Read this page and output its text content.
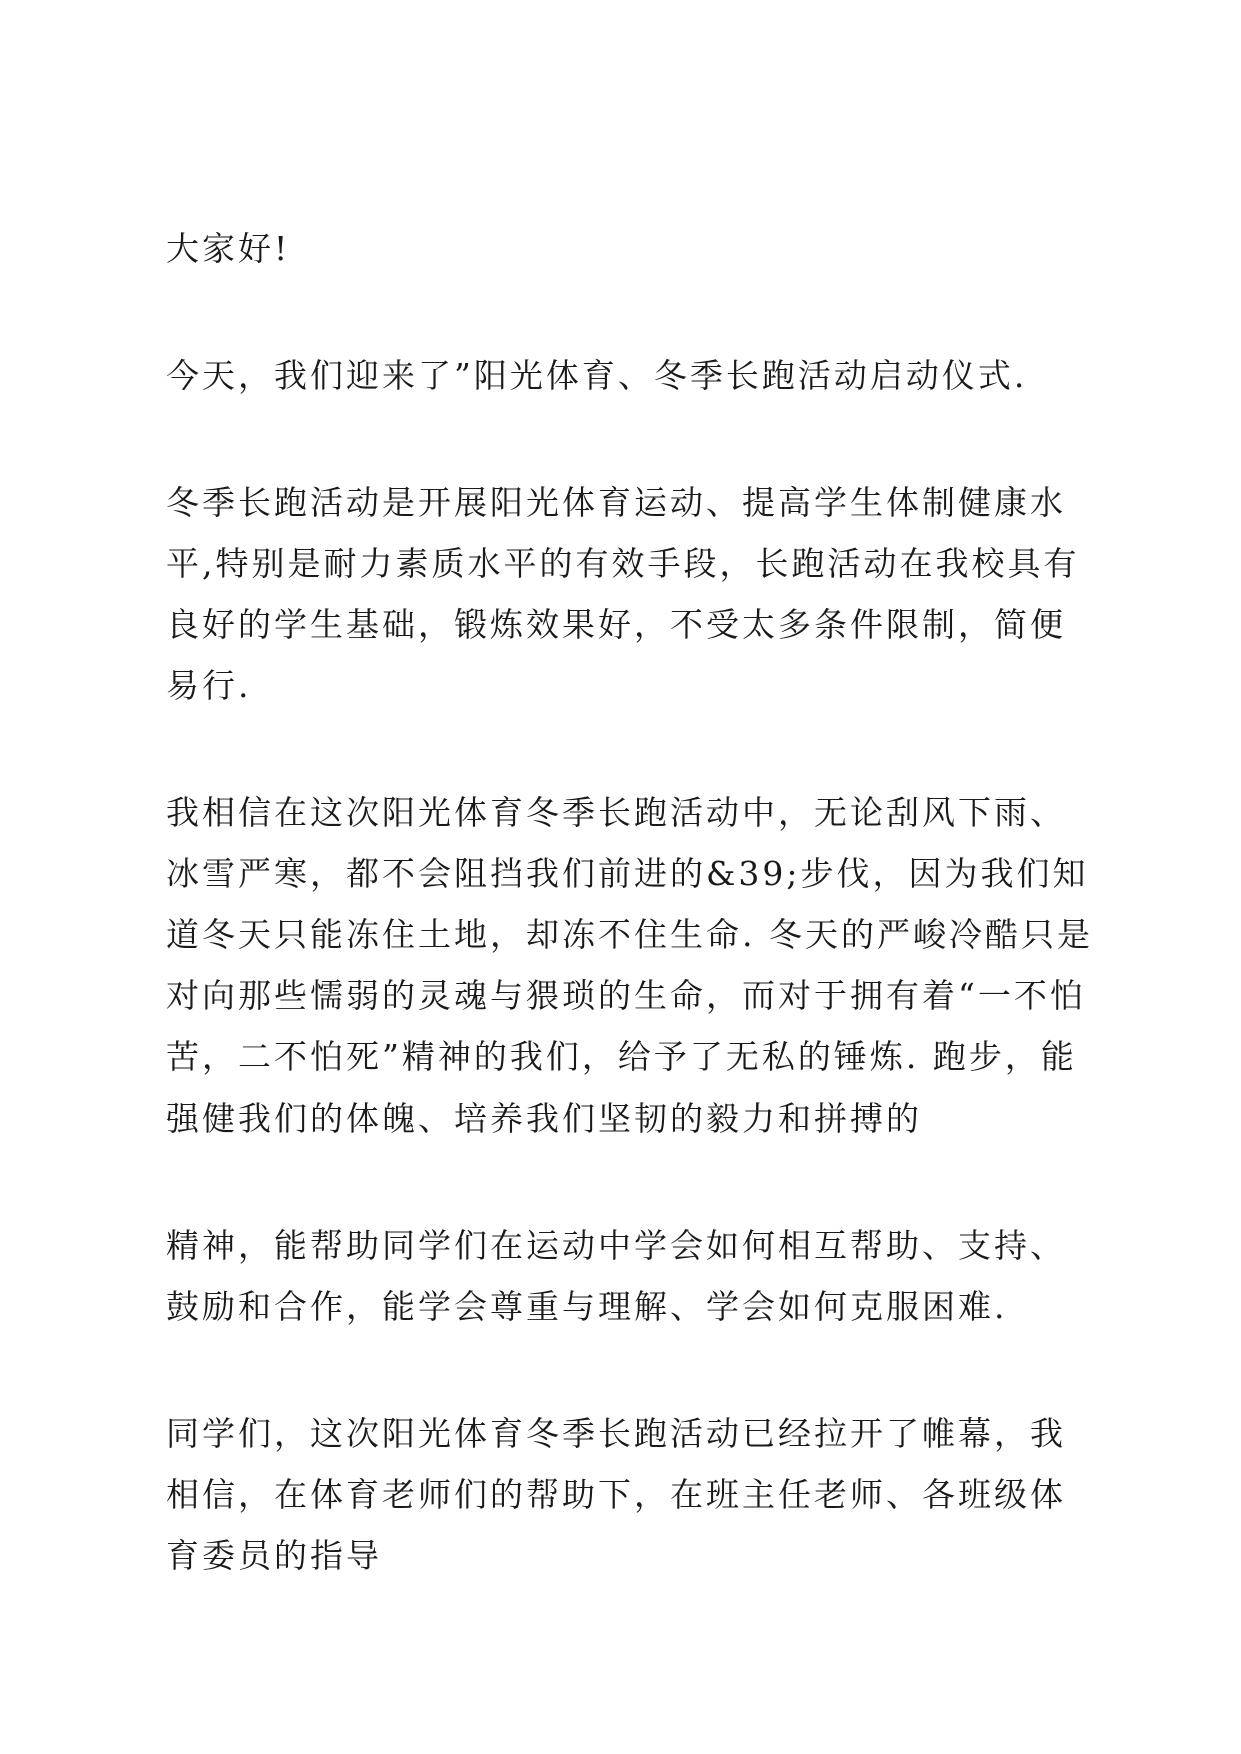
大家好!

今天，我们迎来了”阳光体育、冬季长跑活动启动仪式.

冬季长跑活动是开展阳光体育运动、提高学生体制健康水平,特别是耐力素质水平的有效手段，长跑活动在我校具有良好的学生基础，锻炼效果好，不受太多条件限制，简便易行.

我相信在这次阳光体育冬季长跑活动中，无论刮风下雨、冰雪严寒，都不会阻挡我们前进的&39;步伐，因为我们知道冬天只能冻住土地，却冻不住生命. 冬天的严峻冷酷只是对向那些懦弱的灵魂与猥琐的生命，而对于拥有着“一不怕苦，二不怕死”精神的我们，给予了无私的锤炼. 跑步，能强健我们的体魄、培养我们坚韧的毅力和拼搏的

精神，能帮助同学们在运动中学会如何相互帮助、支持、鼓励和合作，能学会尊重与理解、学会如何克服困难.

同学们，这次阳光体育冬季长跑活动已经拉开了帷幕，我相信，在体育老师们的帮助下，在班主任老师、各班级体育委员的指导
